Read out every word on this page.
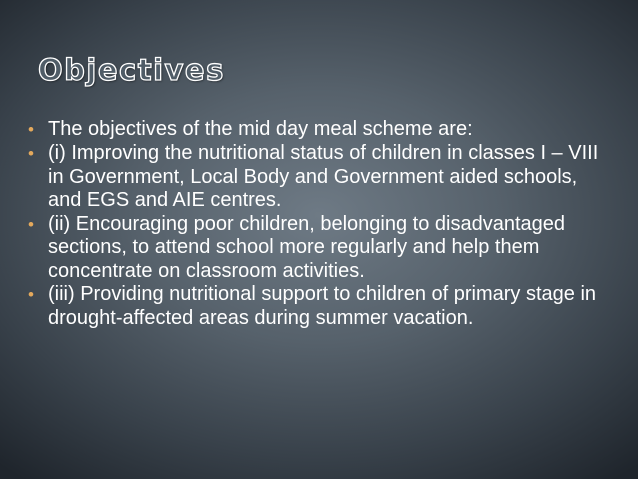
Objectives
• The objectives of the mid day meal scheme are:
• (i) Improving the nutritional status of children in classes I – VIII in Government, Local Body and Government aided schools, and EGS and AIE centres.
• (ii) Encouraging poor children, belonging to disadvantaged sections, to attend school more regularly and help them concentrate on classroom activities.
• (iii) Providing nutritional support to children of primary stage in drought-affected areas during summer vacation.
